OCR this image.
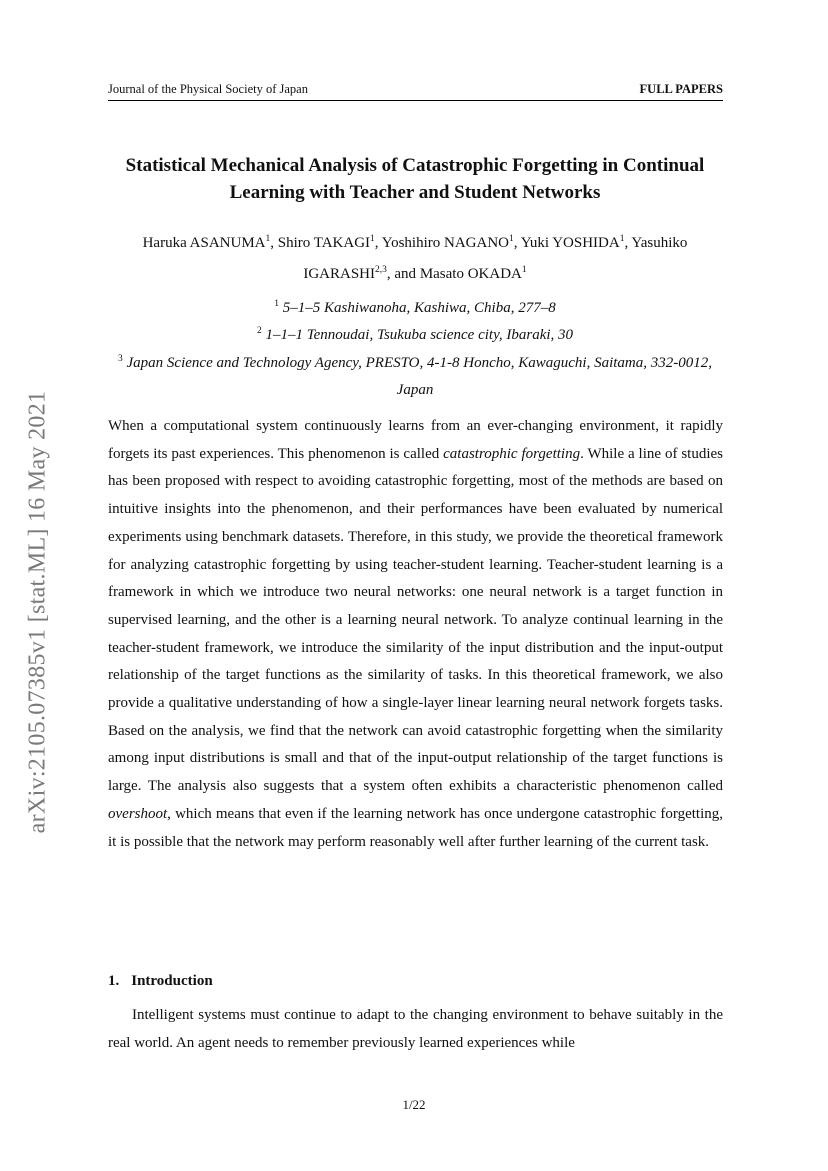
Journal of the Physical Society of Japan	FULL PAPERS
arXiv:2105.07385v1 [stat.ML] 16 May 2021
Statistical Mechanical Analysis of Catastrophic Forgetting in Continual Learning with Teacher and Student Networks
Haruka ASANUMA$^1$, Shiro TAKAGI$^1$, Yoshihiro NAGANO$^1$, Yuki YOSHIDA$^1$, Yasuhiko IGARASHI$^{2,3}$, and Masato OKADA$^1$
$^1$ 5–1–5 Kashiwanoha, Kashiwa, Chiba, 277–8
$^2$ 1–1–1 Tennoudai, Tsukuba science city, Ibaraki, 30
$^3$ Japan Science and Technology Agency, PRESTO, 4-1-8 Honcho, Kawaguchi, Saitama, 332-0012, Japan

When a computational system continuously learns from an ever-changing environment, it rapidly forgets its past experiences. This phenomenon is called catastrophic forgetting. While a line of studies has been proposed with respect to avoiding catastrophic forgetting, most of the methods are based on intuitive insights into the phenomenon, and their performances have been evaluated by numerical experiments using benchmark datasets. Therefore, in this study, we provide the theoretical framework for analyzing catastrophic forgetting by using teacher-student learning. Teacher-student learning is a framework in which we introduce two neural networks: one neural network is a target function in supervised learning, and the other is a learning neural network. To analyze continual learning in the teacher-student framework, we introduce the similarity of the input distribution and the input-output relationship of the target functions as the similarity of tasks. In this theoretical framework, we also provide a qualitative understanding of how a single-layer linear learning neural network forgets tasks. Based on the analysis, we find that the network can avoid catastrophic forgetting when the similarity among input distributions is small and that of the input-output relationship of the target functions is large. The analysis also suggests that a system often exhibits a characteristic phenomenon called overshoot, which means that even if the learning network has once undergone catastrophic forgetting, it is possible that the network may perform reasonably well after further learning of the current task.

1. Introduction

Intelligent systems must continue to adapt to the changing environment to behave suitably in the real world. An agent needs to remember previously learned experiences while

1/22
